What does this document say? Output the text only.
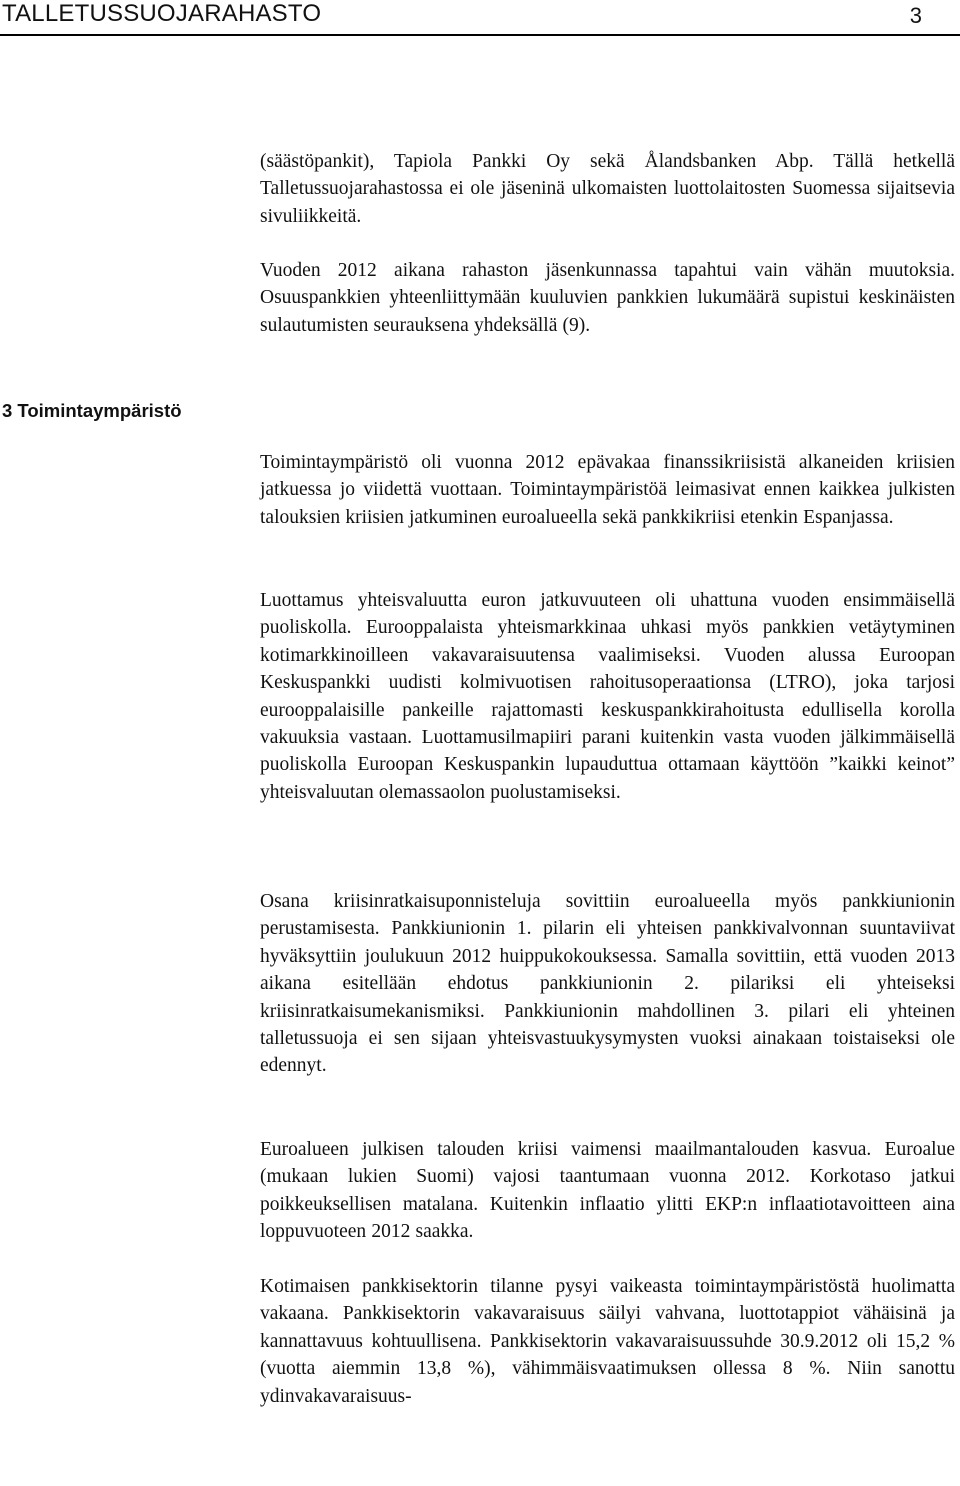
TALLETUSSUOJARAHASTO	3
3 Toimintaympäristö

(säästöpankit), Tapiola Pankki Oy sekä Ålandsbanken Abp. Tällä hetkellä Talletussuojarahastossa ei ole jäseninä ulkomaisten luottolaitosten Suomessa sijaitsevia sivuliikkeitä.

Vuoden 2012 aikana rahaston jäsenkunnassa tapahtui vain vähän muutoksia. Osuuspankkien yhteenliittymään kuuluvien pankkien lukumäärä supistui keskinäisten sulautumisten seurauksena yhdeksällä (9).

Toimintaympäristö oli vuonna 2012 epävakaa finanssikriisistä alkaneiden kriisien jatkuessa jo viidettä vuottaan. Toimintaympäristöä leimasivat ennen kaikkea julkisten talouksien kriisien jatkuminen euroalueella sekä pankkikriisi etenkin Espanjassa.

Luottamus yhteisvaluutta euron jatkuvuuteen oli uhattuna vuoden ensimmäisellä puoliskolla. Eurooppalaista yhteismarkkinaa uhkasi myös pankkien vetäytyminen kotimarkkinoilleen vakavaraisuutensa vaalimiseksi. Vuoden alussa Euroopan Keskuspankki uudisti kolmivuotisen rahoitusoperaationsa (LTRO), joka tarjosi eurooppalaisille pankeille rajattomasti keskuspankkirahoitusta edullisella korolla vakuuksia vastaan. Luottamusilmapiiri parani kuitenkin vasta vuoden jälkimmäisellä puoliskolla Euroopan Keskuspankin lupauduttua ottamaan käyttöön ”kaikki keinot” yhteisvaluutan olemassaolon puolustamiseksi.

Osana kriisinratkaisuponnisteluja sovittiin euroalueella myös pankkiunionin perustamisesta. Pankkiunionin 1. pilarin eli yhteisen pankkivalvonnan suuntaviivat hyväksyttiin joulukuun 2012 huippukokouksessa. Samalla sovittiin, että vuoden 2013 aikana esitellään ehdotus pankkiunionin 2. pilariksi eli yhteiseksi kriisinratkaisumekanismiksi. Pankkiunionin mahdollinen 3. pilari eli yhteinen talletussuoja ei sen sijaan yhteisvastuukysymysten vuoksi ainakaan toistaiseksi ole edennyt.

Euroalueen julkisen talouden kriisi vaimensi maailmantalouden kasvua. Euroalue (mukaan lukien Suomi) vajosi taantumaan vuonna 2012. Korkotaso jatkui poikkeuksellisen matalana. Kuitenkin inflaatio ylitti EKP:n inflaatiotavoitteen aina loppuvuoteen 2012 saakka.

Kotimaisen pankkisektorin tilanne pysyi vaikeasta toimintaympäristöstä huolimatta vakaana. Pankkisektorin vakavaraisuus säilyi vahvana, luottotappiot vähäisinä ja kannattavuus kohtuullisena. Pankkisektorin vakavaraisuussuhde 30.9.2012 oli 15,2 % (vuotta aiemmin 13,8 %), vähimmäisvaatimuksen ollessa 8 %. Niin sanottu ydinvakavaraisuus-
